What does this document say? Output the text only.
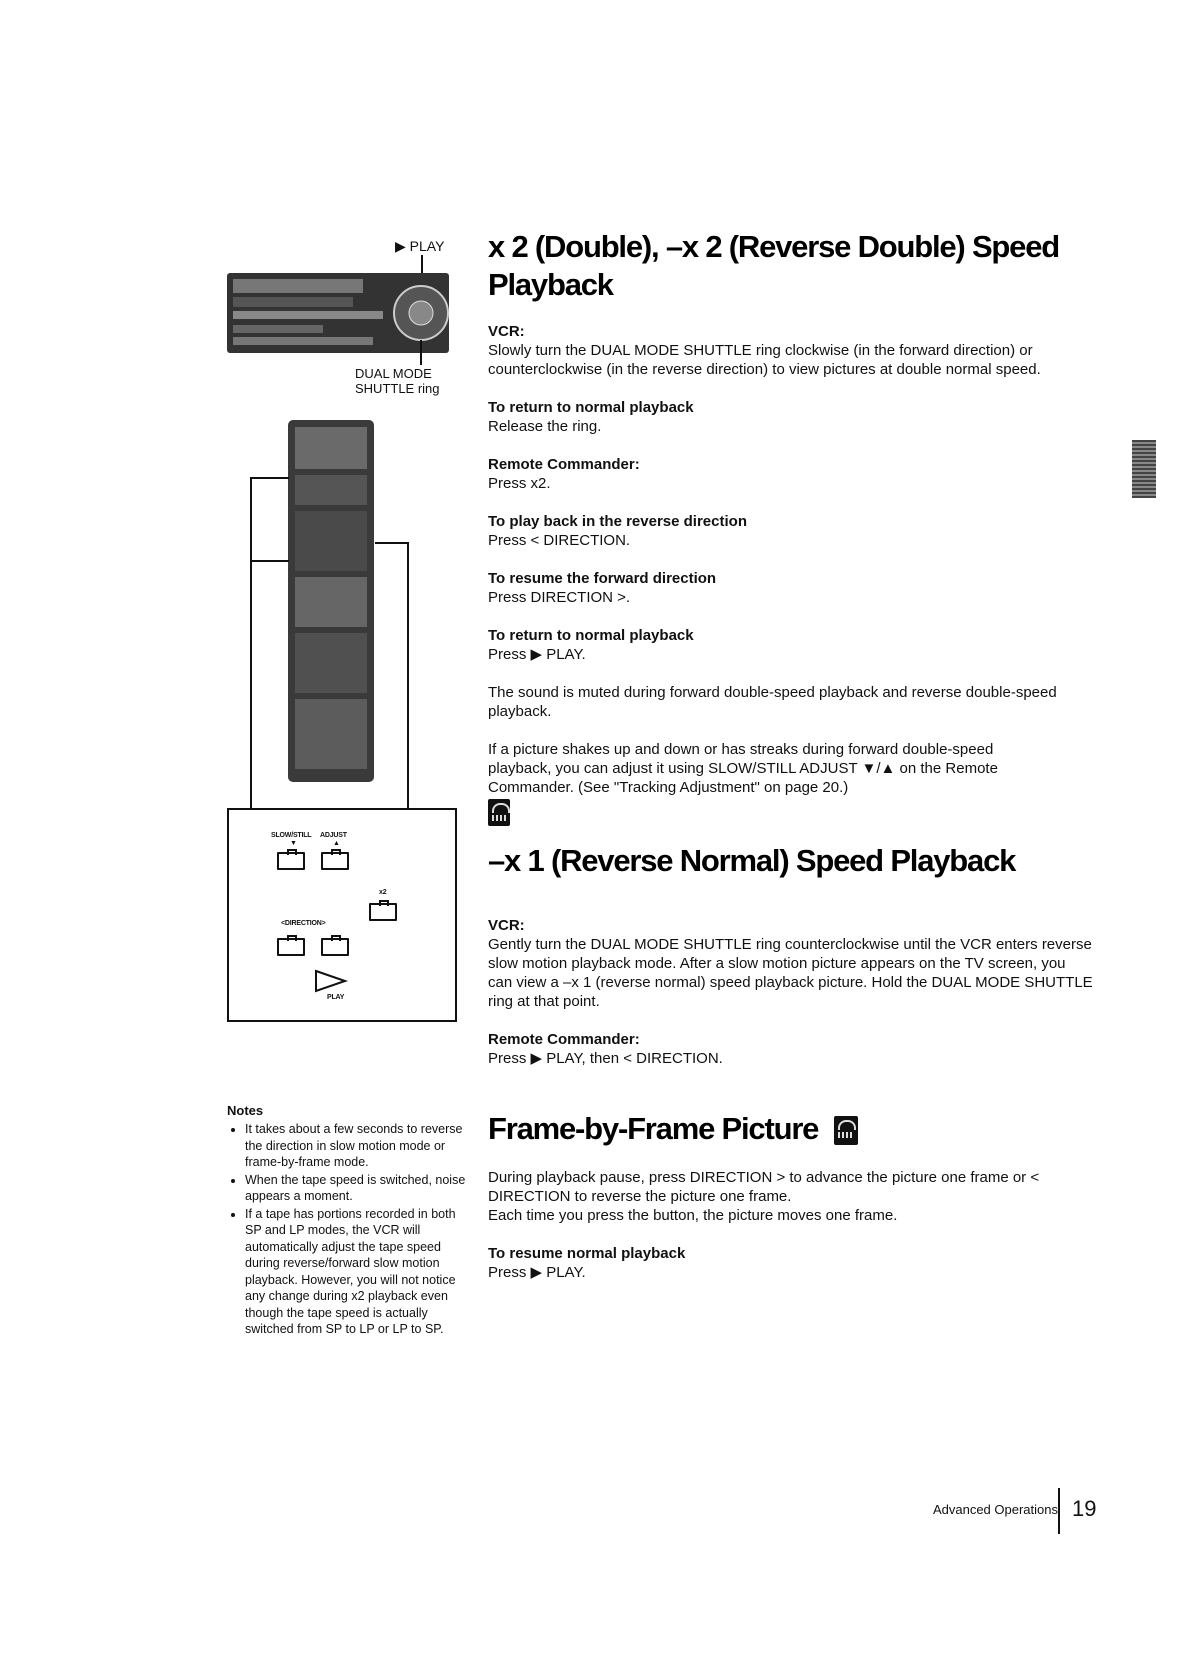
▶ PLAY
DUAL MODE
SHUTTLE ring
SLOW/STILL ADJUST
▼	▲
x2
<DIRECTION>
PLAY
Notes
• It takes about a few seconds to reverse the direction in slow motion mode or frame-by-frame mode.
• When the tape speed is switched, noise appears a moment.
• If a tape has portions recorded in both SP and LP modes, the VCR will automatically adjust the tape speed during reverse/forward slow motion playback. However, you will not notice any change during x2 playback even though the tape speed is actually switched from SP to LP or LP to SP.
x 2 (Double), –x 2 (Reverse Double) Speed
Playback

VCR:

Slowly turn the DUAL MODE SHUTTLE ring clockwise (in the forward direction) or counterclockwise (in the reverse direction) to view pictures at double normal speed.

To return to normal playback

Release the ring.

Remote Commander:

Press x2.

To play back in the reverse direction

Press < DIRECTION.

To resume the forward direction

Press DIRECTION >.

To return to normal playback

Press ▶ PLAY.

The sound is muted during forward double-speed playback and reverse double-speed playback.

If a picture shakes up and down or has streaks during forward double-speed playback, you can adjust it using SLOW/STILL ADJUST ▼/▲ on the Remote Commander. (See "Tracking Adjustment" on page 20.)

–x 1 (Reverse Normal) Speed Playback

VCR:

Gently turn the DUAL MODE SHUTTLE ring counterclockwise until the VCR enters reverse slow motion playback mode. After a slow motion picture appears on the TV screen, you can view a –x 1 (reverse normal) speed playback picture. Hold the DUAL MODE SHUTTLE ring at that point.

Remote Commander:

Press ▶ PLAY, then < DIRECTION.

Frame-by-Frame Picture

During playback pause, press DIRECTION > to advance the picture one frame or < DIRECTION to reverse the picture one frame.

Each time you press the button, the picture moves one frame.

To resume normal playback

Press ▶ PLAY.

Advanced Operations 19
